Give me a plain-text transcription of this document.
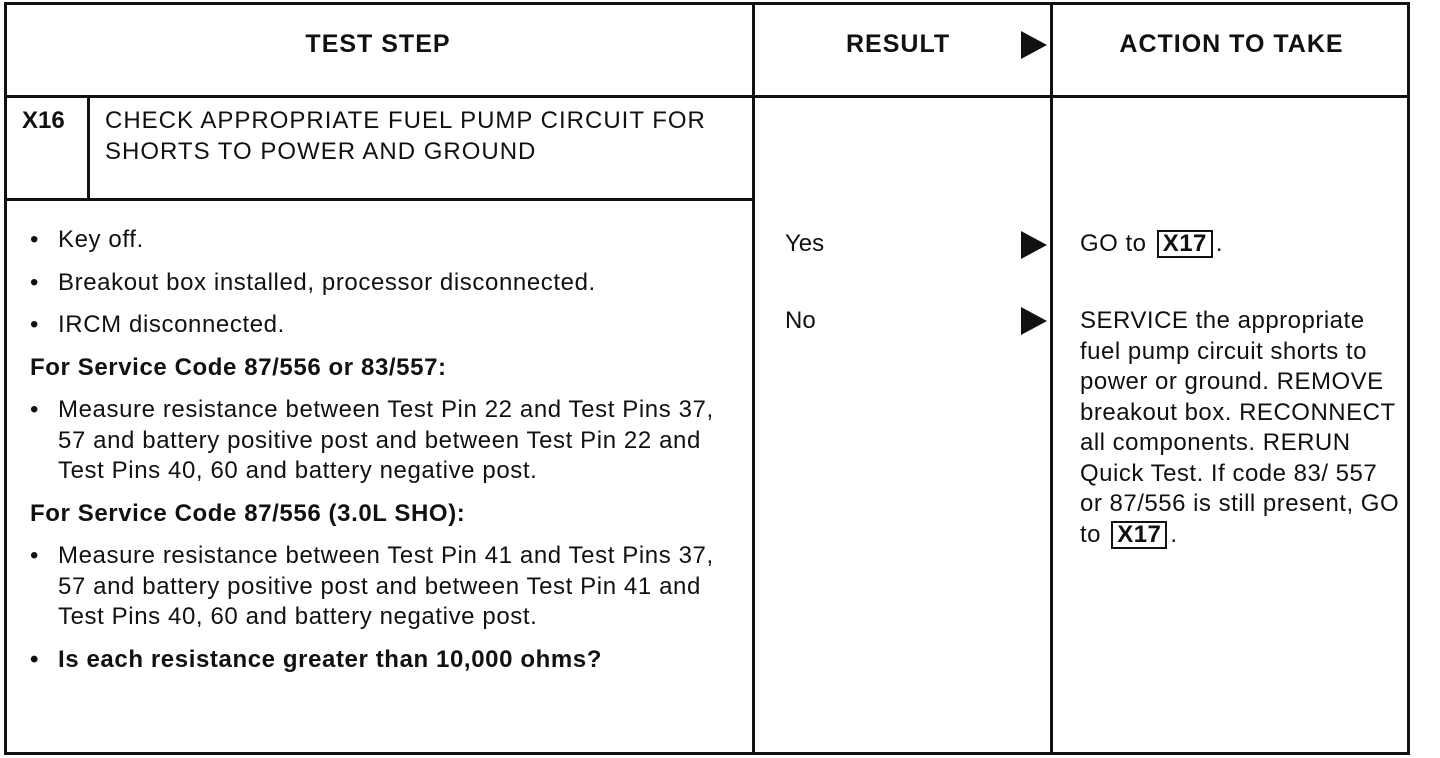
TEST STEP	RESULT	ACTION TO TAKE
X16 CHECK APPROPRIATE FUEL PUMP CIRCUIT FOR SHORTS TO POWER AND GROUND
• Key off.
• Breakout box installed, processor disconnected.
• IRCM disconnected.
For Service Code 87/556 or 83/557:
• Measure resistance between Test Pin 22 and Test Pins 37, 57 and battery positive post and between Test Pin 22 and Test Pins 40, 60 and battery negative post.
For Service Code 87/556 (3.0L SHO):
• Measure resistance between Test Pin 41 and Test Pins 37, 57 and battery positive post and between Test Pin 41 and Test Pins 40, 60 and battery negative post.
• Is each resistance greater than 10,000 ohms?
Yes
No
GO to X17 .
SERVICE the appropriate fuel pump circuit shorts to power or ground. REMOVE breakout box. RECONNECT all components. RERUN Quick Test. If code 83/ 557 or 87/556 is still present, GO to X17 .
